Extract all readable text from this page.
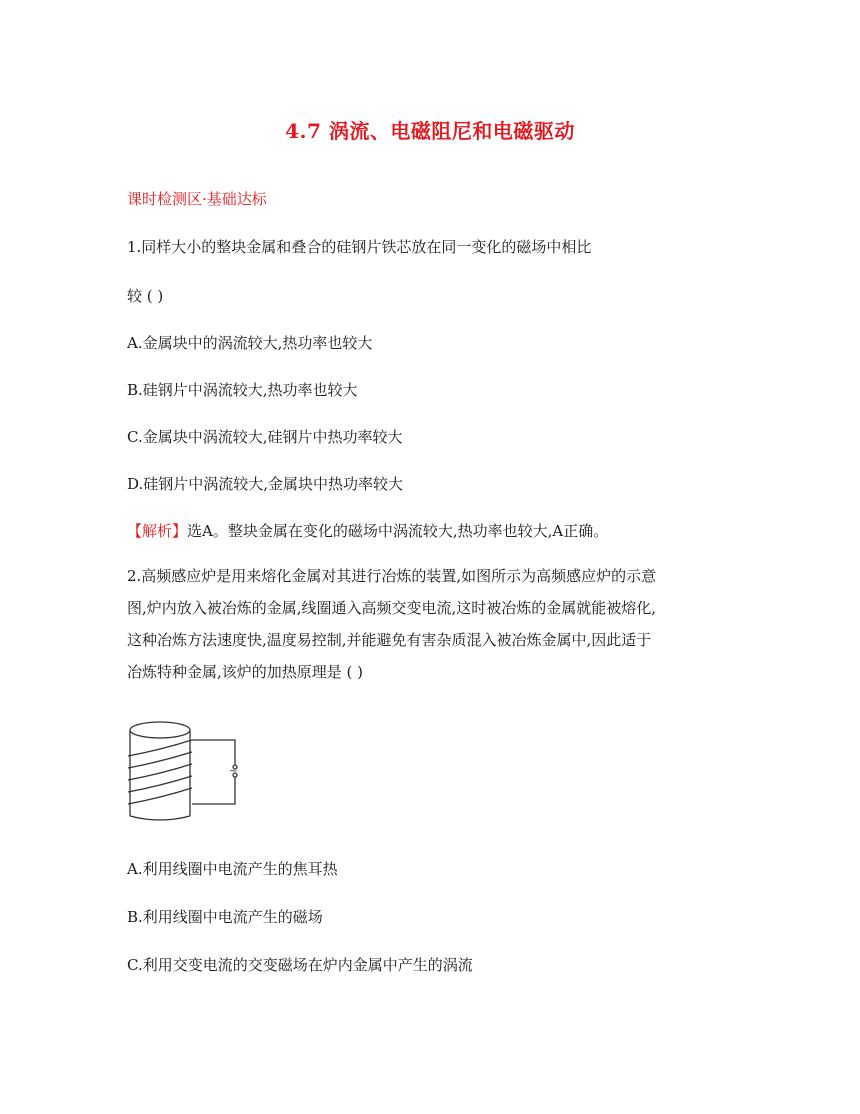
4.7 涡流、电磁阻尼和电磁驱动
课时检测区·基础达标
1.同样大小的整块金属和叠合的硅钢片铁芯放在同一变化的磁场中相比
较 ( )
A.金属块中的涡流较大,热功率也较大
B.硅钢片中涡流较大,热功率也较大
C.金属块中涡流较大,硅钢片中热功率较大
D.硅钢片中涡流较大,金属块中热功率较大
【解析】选A。整块金属在变化的磁场中涡流较大,热功率也较大,A正确。
2.高频感应炉是用来熔化金属对其进行冶炼的装置,如图所示为高频感应炉的示意
图,炉内放入被冶炼的金属,线圈通入高频交变电流,这时被冶炼的金属就能被熔化,
这种冶炼方法速度快,温度易控制,并能避免有害杂质混入被冶炼金属中,因此适于
冶炼特种金属,该炉的加热原理是 ( )
~
A.利用线圈中电流产生的焦耳热
B.利用线圈中电流产生的磁场
C.利用交变电流的交变磁场在炉内金属中产生的涡流
